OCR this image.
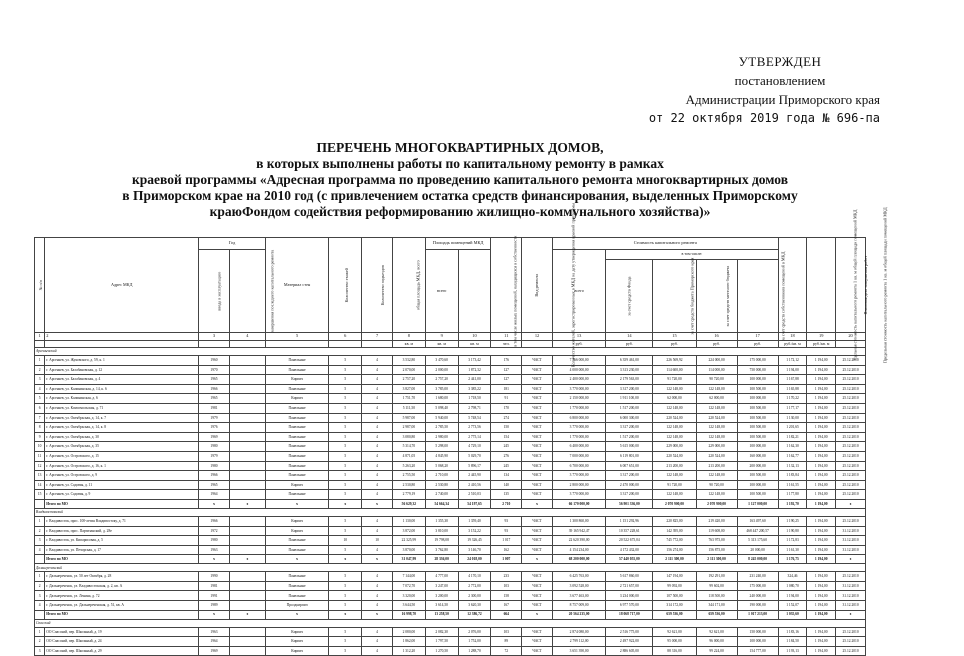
УТВЕРЖДЕН
постановлением
Администрации Приморского края
от 22 октября 2019 года № 696-па
ПЕРЕЧЕНЬ МНОГОКВАРТИРНЫХ ДОМОВ,
в которых выполнены работы по капитальному ремонту в рамках
краевой программы «Адресная программа по проведению капитального ремонта многоквартирных домов
в Приморском крае на 2010 год (с привлечением остатка средств финансирования, выделенных Приморскому
краюФондом содействия реформированию жилищно-коммунального хозяйства)»
№ п/п	Адрес МКД	Год		Материал стен	Количество этажей	Количество подъездов	общая площадь МКД, всего	Площадь помещений МКД		Количество жителей, зарегистрированных в МКД на дату утверждения краевой программы	Вид ремонта	Стоимость капитального ремонта					Удельная стоимость капитального ремонта 1 кв. м общей площади помещений МКД	Предельная стоимость капитального ремонта 1 кв. м общей площади помещений МКД	Плановая дата завершения работ
		ввода в эксплуатацию	завершения последнего капитального ремонта					всего	в том числе жилых помещений, находящихся в собственности			всего	в том числе:						
													за счет средств Фонда	за счет средств бюджета Приморского края	за счет средств местного бюджета	за счет средств собственников помещений в МКД			
1	2	3	4	5	6	7	8	9	10	11	12	13	14	15	16	17	18	19	20
							кв. м	кв. м	кв. м	чел.		руб.	руб.	руб.	руб.	руб.	руб./кв. м	руб./кв. м	
Арсеньевский																			
1	г. Арсеньев, ул. Жуковского, д. 59, к. 1	1960		Панельные	5	4	3 532,80	3 470,60	3 173,42	176	ЧАСТ	7 766 000,00	6 359 461,00	226 569,92	224 000,00	175 000,00	1 172,12	1 194,00	25.12.2010
2	г. Арсеньев, ул. Балабановская, д. 12	1970		Панельные	5	4	2 070,00	2 000,00	1 872,32	127	ЧАСТ	4 000 000,00	3 313 230,00	114 600,00	114 000,00	750 000,00	1 194,00	1 194,00	25.12.2010
3	г. Арсеньев, ул. Балабановская, д. 4	1965		Кирпич	5	4	2 757,20	2 757,20	2 441,00	127	ЧАСТ	2 400 000,00	2 179 563,00	91 720,00	90 720,00	100 000,00	1 167,88	1 194,00	25.12.2010
4	г. Арсеньев, ул. Калининская, д. 14, к. 6	1966		Панельные	5	4	3 827,00	3 785,00	3 385,22	181	ЧАСТ	3 770 000,00	3 317 200,00	122 148,00	122 148,00	100 500,00	1 165,88	1 194,00	25.12.2010
5	г. Арсеньев, ул. Калининская, д. 6	1965		Кирпич	5	4	1 751,70	1 680,00	1 718,50	91	ЧАСТ	2 150 000,00	1 911 100,00	62 000,00	62 000,00	100 000,00	1 170,22	1 194,00	25.12.2010
6	г. Арсеньев, ул. Комсомольская, д. 71	1981		Панельные	5	4	5 111,50	5 098,40	2 798,71	170	ЧАСТ	1 770 000,00	1 517 200,00	122 148,00	122 148,00	100 500,00	1 177,17	1 194,00	25.12.2010
7	г. Арсеньев, ул. Октябрьская, д. 14, к. 7	1979		Панельные	5	4	5 987,00	5 940,00	5 748,54	274	ЧАСТ	6 800 000,00	6 000 300,00	220 524,00	220 524,00	100 500,00	1 130,00	1 194,00	25.12.2010
8	г. Арсеньев, ул. Октябрьская, д. 14, к. 8	1976		Панельные	5	4	2 987,00	2 785,50	2 773,56	150	ЧАСТ	3 770 000,00	3 317 200,00	122 148,00	122 148,00	100 500,00	1 201,65	1 194,00	25.12.2010
9	г. Арсеньев, ул. Октябрьская, д. 30	1969		Панельные	5	4	3 080,80	2 980,00	2 775,14	154	ЧАСТ	1 770 000,00	1 517 200,00	122 148,00	122 148,00	100 500,00	1 182,21	1 194,00	25.12.2010
10	г. Арсеньев, ул. Октябрьская, д. 35	1980		Панельные	5	4	5 314,70	5 298,00	4 729,10	245	ЧАСТ	6 400 000,00	5 615 000,00	229 000,00	229 000,00	100 000,00	1 162,30	1 194,00	25.12.2010
11	г. Арсеньев, ул. Островского, д. 15	1979		Панельные	5	4	4 871,05	4 845,90	5 029,70	276	ЧАСТ	7 000 000,00	6 119 801,00	220 524,00	220 524,00	160 000,00	1 162,77	1 194,00	25.12.2010
12	г. Арсеньев, ул. Островского, д. 16, к. 1	1980		Панельные	5	4	5 263,20	5 068,20	5 896,17	245	ЧАСТ	6 700 000,00	6 007 651,00	213 200,00	213 200,00	200 000,00	1 132,13	1 194,00	25.12.2010
13	г. Арсеньев, ул. Островского, д. 9	1966		Панельные	5	4	2 755,50	2 710,00	2 445,90	134	ЧАСТ	3 770 000,00	3 317 200,00	122 148,00	122 148,00	100 500,00	1 183,84	1 194,00	25.12.2010
14	г. Арсеньев, ул. Садовая, д. 11	1965		Кирпич	5	4	2 530,80	2 530,80	2 410,56	140	ЧАСТ	2 800 000,00	2 470 000,00	91 720,00	90 720,00	100 000,00	1 161,55	1 194,00	25.12.2010
15	г. Арсеньев, ул. Садовая, д. 9	1964		Панельные	5	4	2 779,19	2 740,00	2 510,03	135	ЧАСТ	3 770 000,00	3 317 200,00	122 148,00	122 148,00	100 500,00	1 177,80	1 194,00	25.12.2010
	Итого по МО	x	x	x	x	x	56 629,32	54 664,34	54 197,65	2 710	x	66 170 000,00	56 901 336,00	2 070 900,00	2 070 900,00	1 127 000,00	1 192,70	1 194,00	x
Владивостокский																			
1	г. Владивосток, прос. 100-летия Владивостоку, д. 71	1966		Кирпич	5	4	1 130,00	1 355,30	1 359,40	93	ЧАСТ	1 300 860,00	1 151 292,96	220 825,00	219 420,00	163 497,60	1 190,25	1 194,00	25.12.2010
2	г. Владивосток, прос. Партизанский, д. 28е	1972		Кирпич	5	4	3 872,00	3 810,00	3 152,22	93	ЧАСТ	39 165 942,47	10 357 228,61	142 395,00	119 608,00	468 447 200,57	1 190,80	1 194,00	31.12.2010
3	г. Владивосток, ул. Кипарисовая, д. 5	1980		Панельные	10	10	22 325,99	19 798,08	19 326,45	1 017	ЧАСТ	22 620 390,00	20 522 675,04	745 772,00	763 975,00	5 313 175,60	1 172,83	1 194,00	31.12.2010
4	г. Владивосток, ул. Печорская, д. 17	1963		Панельные	5	4	3 870,00	3 762,80	3 146,70	162	ЧАСТ	4 154 234,00	4 172 432,00	156 274,00	156 875,00	20 000,00	1 161,30	1 194,00	31.12.2010
	Итого по МО	x	x	x	x	x	31 047,99	28 336,00	24 018,00	1 007	x	68 200 000,00	57 440 055,00	2 111 300,00	2 111 300,00	8 245 000,00	1 176,75	1 194,00	x
Дальнереченский																			
1	г. Дальнереченск, ул. 50 лет Октября, д. 28	1990		Панельные	5	4	7 144,00	4 777,00	4 170,10	233	ЧАСТ	6 425 763,00	5 617 860,00	147 194,00	192 291,00	231 240,00	324,46	1 194,00	25.12.2010
2	г. Дальнереченск, ул. Владивостокская, д. 2, кв. А	1981		Панельные	5	4	7 072,70	3 247,00	2 772,00	103	ЧАСТ	3 092 528,00	2 721 657,00	99 092,00	99 602,00	175 000,00	1 080,70	1 194,00	31.12.2010
3	г. Дальнереченск, ул. Ленина, д. 72	1991		Панельные	5	4	3 320,00	3 200,00	2 300,00	158	ЧАСТ	3 677 463,00	3 234 000,00	107 500,00	118 500,00	240 000,00	1 194,00	1 194,00	31.12.2010
4	г. Дальнереченск, ул. Дальнереченская, д. 51, кв. А	1989		Пролдкирпич	5	4	3 644,50	3 614,50	3 620,30	167	ЧАСТ	8 757 009,00	6 977 570,00	314 172,00	344 171,00	190 000,00	1 152,07	1 194,00	31.12.2010
	Итого по МО	x	x	x	x	x	16 998,70	13 258,50	12 386,72	664	x	20 564 235,00	18 068 717,00	659 536,00	659 536,00	1 017 213,00	1 035,60	1 194,00	x
Спасский																			
1	ОО Спасский, пер. Школьный, д. 19	1963		Кирпич	5	4	2 080,00	2 082,30	2 076,00	103	ЧАСТ	2 874 080,00	2 516 775,00	92 621,00	92 621,00	150 000,00	1 183,16	1 194,00	25.12.2010
2	ОО Спасский, пер. Школьный, д. 24	1964		Кирпич	5	4	1 862,00	1 797,50	1 752,00	89	ЧАСТ	2 799 112,00	2 497 922,00	95 000,00	96 000,00	100 000,00	1 184,50	1 194,00	25.12.2010
3	ОО Спасский, пер. Школьный, д. 29	1969		Кирпич	5	4	1 312,20	1 270,50	1 288,70	72	ЧАСТ	3 651 390,00	2 886 605,00	88 316,00	99 224,00	154 777,00	1 193,13	1 194,00	25.12.2010
